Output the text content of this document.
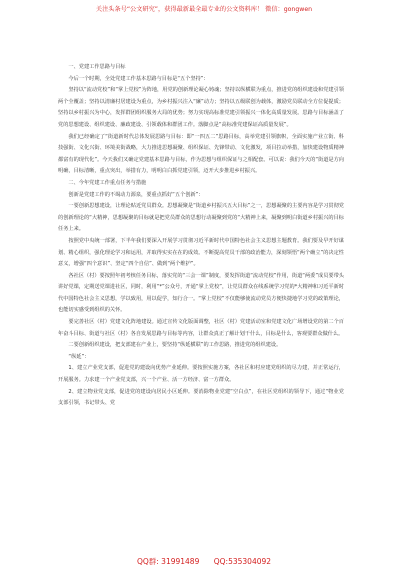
关注头条号“公文研究”，获得最新最全最专业的公文资料库！ 微信：gongwen

一、党建工作思路与目标

今后一个时期，全处党建工作基本思路与目标是“五个坚持”：

坚持以“流动党校”和“掌上党校”为阵地，用党的创新理论凝心铸魂；坚持以纵横联为重点，推进党的组织建设和党建引领两个全覆盖；坚持以清廉村居建设为重点，为乡村振兴注入“廉”动力；坚持以五级联创为载体，激励党员联动全方位促提质；坚持以乡村振兴为中心，发挥群团组织服务大局的优势；努力实现高标准党建引领振兴一体化高质量发展。思路与目标涵盖了党的思想建设、组织建设、廉政建设、引领载体和群团工作。落脚点是“高标准党建保证高质量发展”。

我们已经确定了“街道新时代总体发展思路与目标：即“一四五二”思路目标，高举党建引领旗帜，全面实施产业立街、科技强街、文化兴街、环境美街战略，大力推进思想凝聚、组织保证、先锋带动、文化激发，项目拉动举措，加快建设物质精神都富有的现代化”。今天我们又确定党建基本思路与目标，作为思想与组织保证与之相配套。可以说：我们今天的“街道是方向明确，目标清晰，重点突出，举措有力，明明白白抓党建引领，迈开大步推进乡村振兴。

二、今年党建工作重点任务与措施

创新是党建工作的不竭动力源泉，要重点抓好“五个创新”：

一要创新思想建设，让理论贴近党员群众。思想凝聚是“街道乡村振兴五大目标”之一，思想凝聚的主要内容是学习贯彻党的创新理论的“大精神，思想凝聚的目标就是把党员群众的思想行动凝聚到党的“大精神上来，凝聚到明白街道乡村振兴的目标任务上来。

按照党中央统一部署，下半年我们要深入开展学习贯彻习近平新时代中国特色社会主义思想主题教育。我们要及早开好谋划、精心组织，强化理论学习和运用，并取得实实在在的成效。不断提高党员干部的政治能力，深刻领悟“两个确立”的决定性意义，增强“四个意识”、坚定“四个自信”、做到“两个维护”。

各社区（村）要按照年初考核任务目标，落实党的“三会一课”制度，要发挥街道“流动党校”作用，街道“两委”成员要带头讲好党课，定期送党课进社区，同时，利用“*”公众号，开通“掌上党校”，让党员群众在线系统学习党的*大精神和习近平新时代中国特色社会主义思想，学以致用，用以促学，知行合一。“掌上党校”不仅能够使流动党员方便快捷地学习党的政策理论，也能切实感受到组织的关怀。

要完善社区（村）党建文化阵地建设。通过宣传文化版面调整，社区（村）党建活动室和党建文化广场增设党的第二个百年奋斗目标、街道与社区（村）各自发展思路与目标等内容，让群众真正了解计划干什么，目标是什么，客观要群众做什么。

二要创新组织建设，把支部建在产业上，要坚持“纵延横联”的工作思路，推进党的组织建设。

“纵延”：

1、建立产业党支部，促进党的建设向优势产业延伸。要按照实施方案，各社区和村应建党组织的尽力建，并正常运行，开展服务。力求建一个产业党支部，兴一个产业、活一方经济、富一方群众。

2、建立物业党支部，促进党的建设向居民小区延伸。要消除物业党建“空白点”，在社区党组织的领导下，通过“物业党支部引领，书记带头、党

QQ群: 31991489 QQ:535304092
